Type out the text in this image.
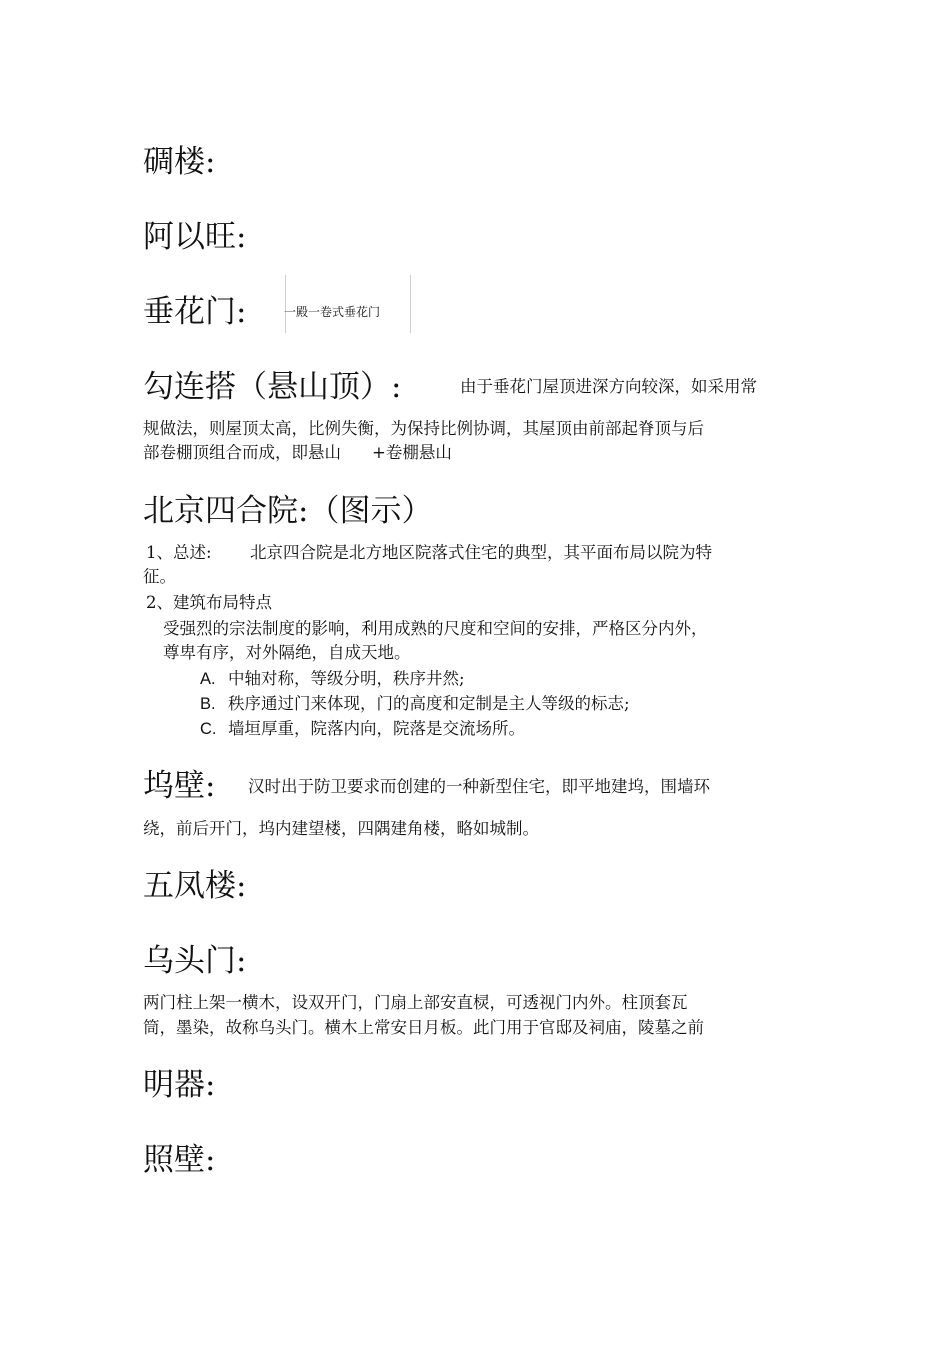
碉楼:
阿以旺:
垂花门:	一殿一卷式垂花门
勾连搭（悬山顶）:	由于垂花门屋顶进深方向较深，如采用常
规做法，则屋顶太高，比例失衡，为保持比例协调，其屋顶由前部起脊顶与后
部卷棚顶组合而成，即悬山 +卷棚悬山
北京四合院:（图示）
1、总述: 北京四合院是北方地区院落式住宅的典型，其平面布局以院为特
征。
2、建筑布局特点
受强烈的宗法制度的影响，利用成熟的尺度和空间的安排，严格区分内外，
尊卑有序，对外隔绝，自成天地。
A. 中轴对称，等级分明，秩序井然;
B. 秩序通过门来体现，门的高度和定制是主人等级的标志;
C. 墙垣厚重，院落内向，院落是交流场所。
坞壁: 汉时出于防卫要求而创建的一种新型住宅，即平地建坞，围墙环
绕，前后开门，坞内建望楼，四隅建角楼，略如城制。
五凤楼:
乌头门:
两门柱上架一横木，设双开门，门扇上部安直棂，可透视门内外。柱顶套瓦
筒，墨染，故称乌头门。横木上常安日月板。此门用于官邸及祠庙，陵墓之前
明器:
照壁:
